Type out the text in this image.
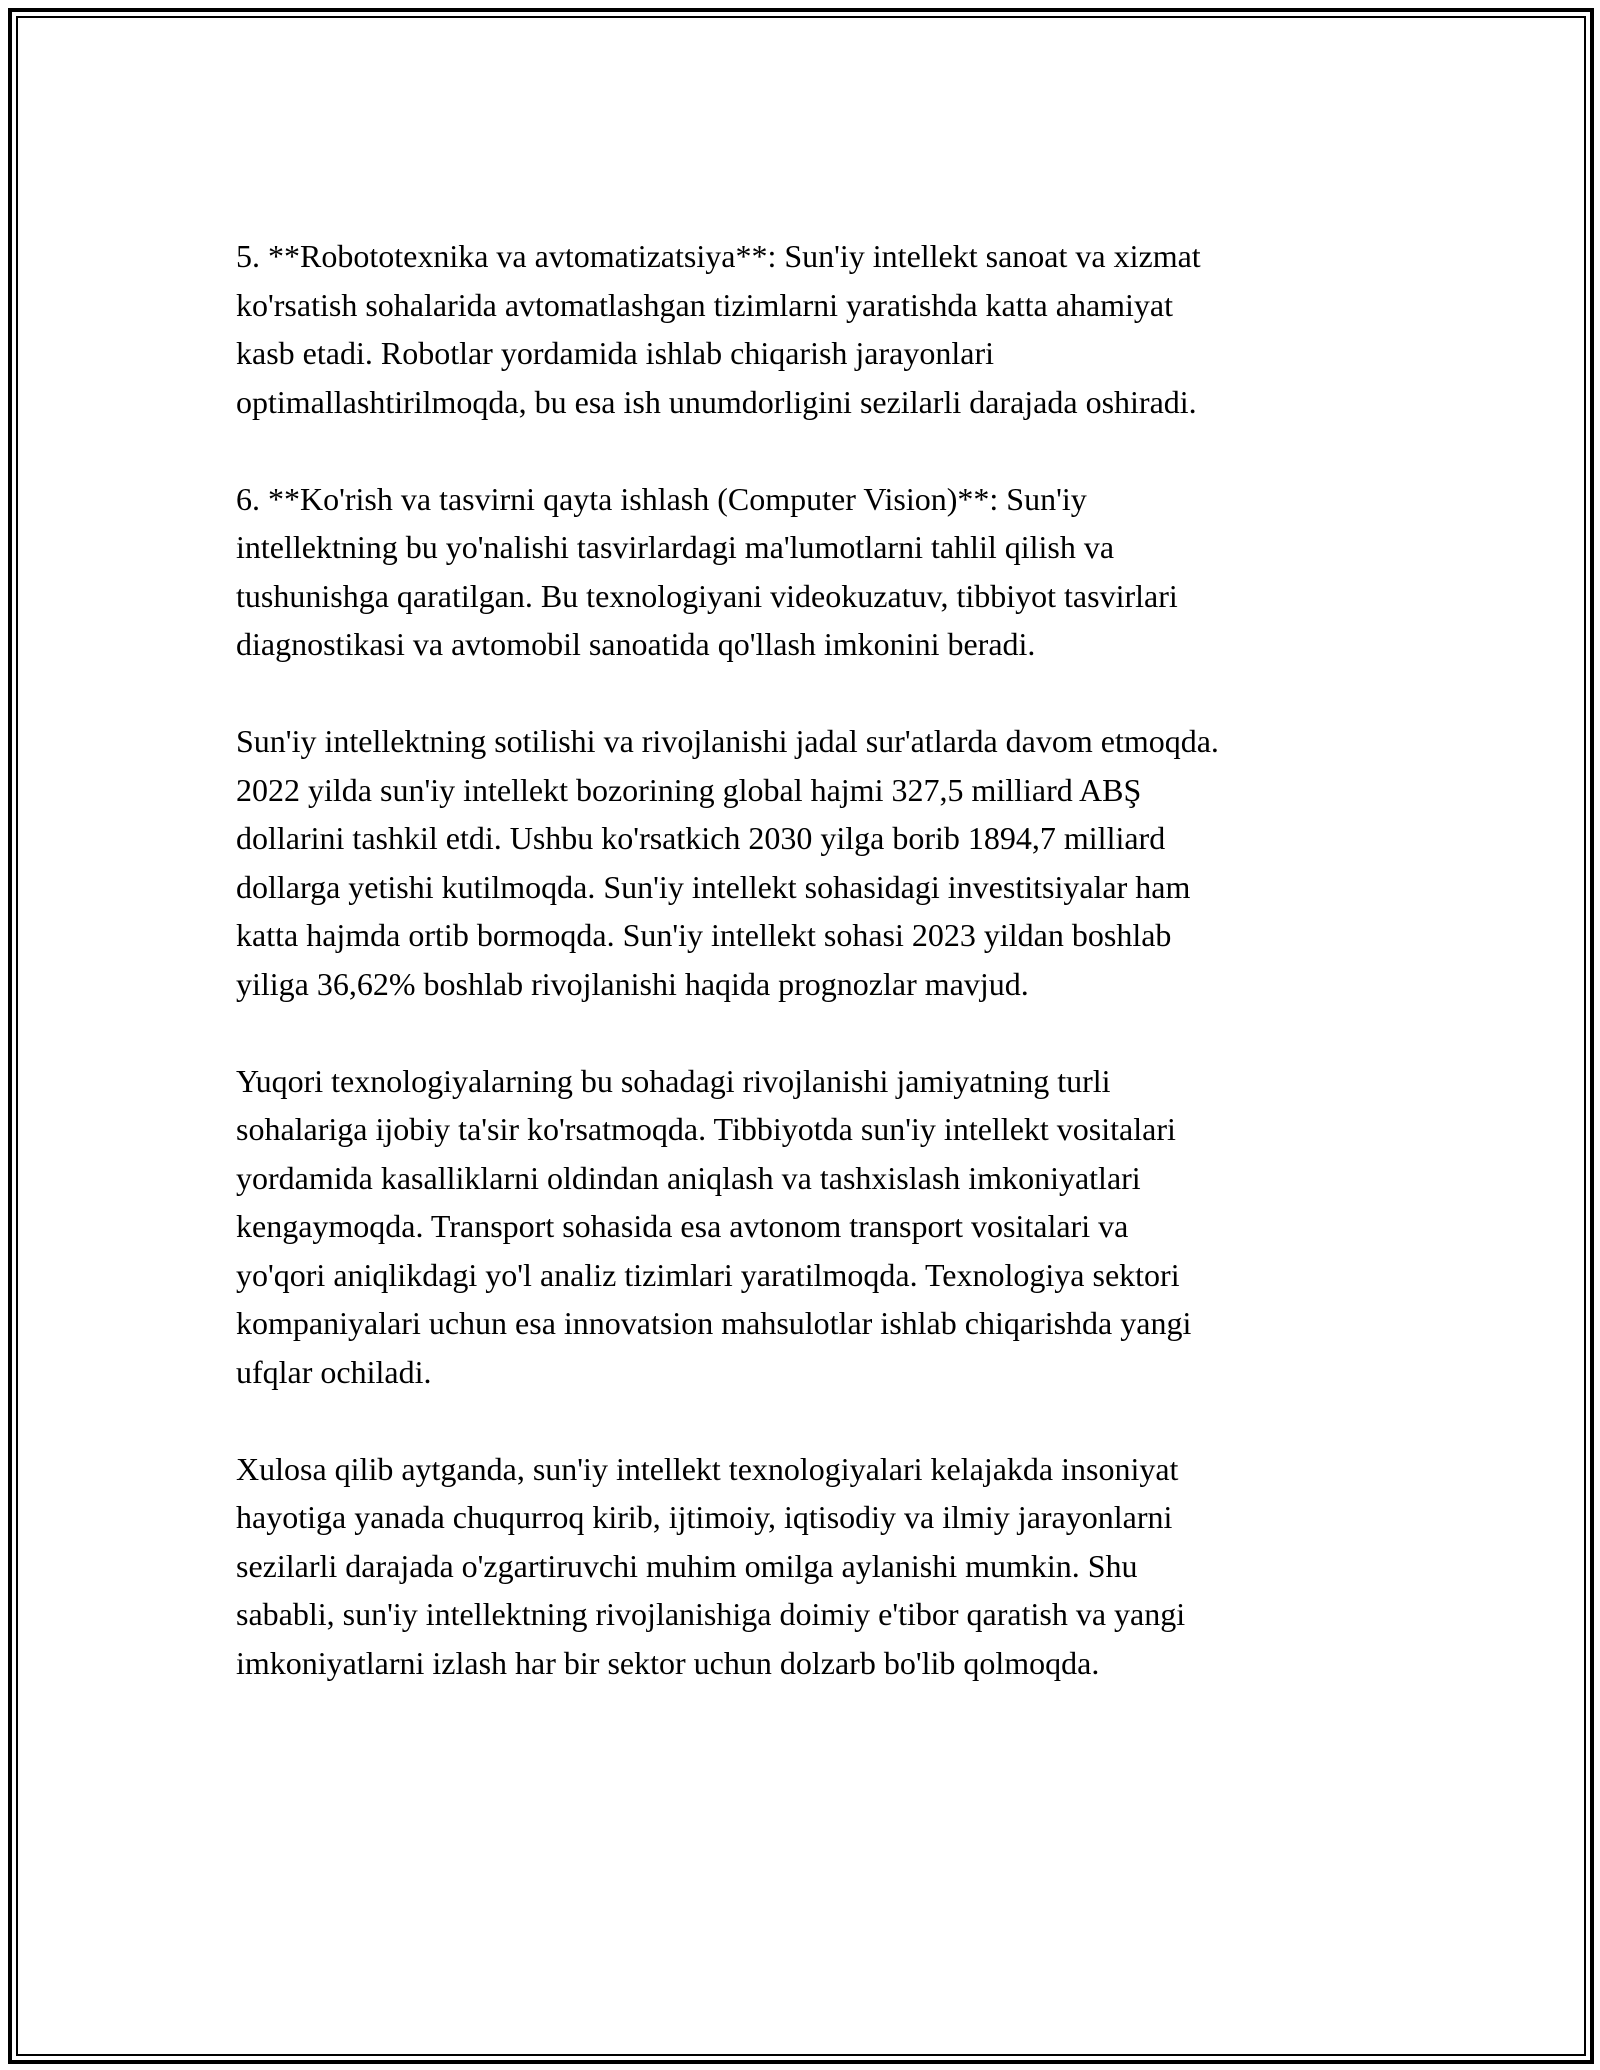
5. **Robototexnika va avtomatizatsiya**: Sun'iy intellekt sanoat va xizmat
ko'rsatish sohalarida avtomatlashgan tizimlarni yaratishda katta ahamiyat
kasb etadi. Robotlar yordamida ishlab chiqarish jarayonlari
optimallashtirilmoqda, bu esa ish unumdorligini sezilarli darajada oshiradi.

6. **Ko'rish va tasvirni qayta ishlash (Computer Vision)**: Sun'iy
intellektning bu yo'nalishi tasvirlardagi ma'lumotlarni tahlil qilish va
tushunishga qaratilgan. Bu texnologiyani videokuzatuv, tibbiyot tasvirlari
diagnostikasi va avtomobil sanoatida qo'llash imkonini beradi.

Sun'iy intellektning sotilishi va rivojlanishi jadal sur'atlarda davom etmoqda.
2022 yilda sun'iy intellekt bozorining global hajmi 327,5 milliard ABŞ
dollarini tashkil etdi. Ushbu ko'rsatkich 2030 yilga borib 1894,7 milliard
dollarga yetishi kutilmoqda. Sun'iy intellekt sohasidagi investitsiyalar ham
katta hajmda ortib bormoqda. Sun'iy intellekt sohasi 2023 yildan boshlab
yiliga 36,62% boshlab rivojlanishi haqida prognozlar mavjud.

Yuqori texnologiyalarning bu sohadagi rivojlanishi jamiyatning turli
sohalariga ijobiy ta'sir ko'rsatmoqda. Tibbiyotda sun'iy intellekt vositalari
yordamida kasalliklarni oldindan aniqlash va tashxislash imkoniyatlari
kengaymoqda. Transport sohasida esa avtonom transport vositalari va
yo'qori aniqlikdagi yo'l analiz tizimlari yaratilmoqda. Texnologiya sektori
kompaniyalari uchun esa innovatsion mahsulotlar ishlab chiqarishda yangi
ufqlar ochiladi.

Xulosa qilib aytganda, sun'iy intellekt texnologiyalari kelajakda insoniyat
hayotiga yanada chuqurroq kirib, ijtimoiy, iqtisodiy va ilmiy jarayonlarni
sezilarli darajada o'zgartiruvchi muhim omilga aylanishi mumkin. Shu
sababli, sun'iy intellektning rivojlanishiga doimiy e'tibor qaratish va yangi
imkoniyatlarni izlash har bir sektor uchun dolzarb bo'lib qolmoqda.
